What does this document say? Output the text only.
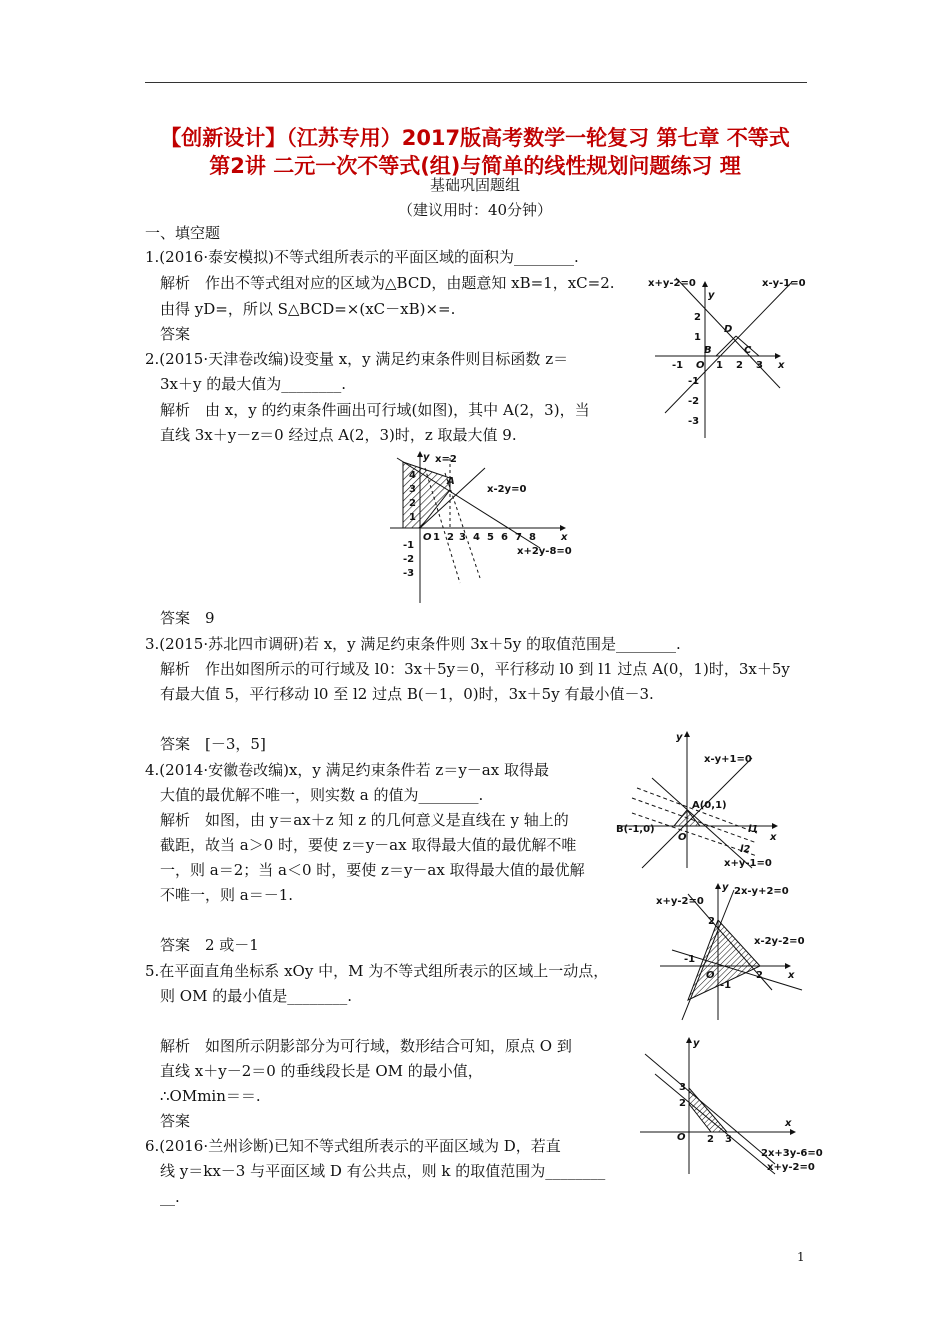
【创新设计】（江苏专用）2017版高考数学一轮复习 第七章 不等式
第2讲 二元一次不等式(组)与简单的线性规划问题练习 理
基础巩固题组
（建议用时：40分钟）
一、填空题
1.(2016·泰安模拟)不等式组所表示的平面区域的面积为________.
解析　作出不等式组对应的区域为△BCD，由题意知 xB=1，xC=2.
由得 yD=，所以 S△BCD=×(xC－xB)×=.
答案
2.(2015·天津卷改编)设变量 x，y 满足约束条件则目标函数 z＝
3x＋y 的最大值为________.
解析　由 x，y 的约束条件画出可行域(如图)，其中 A(2，3)，当
直线 3x＋y－z＝0 经过点 A(2，3)时，z 取最大值 9.
答案　9
3.(2015·苏北四市调研)若 x，y 满足约束条件则 3x＋5y 的取值范围是________.
解析　作出如图所示的可行域及 l0：3x＋5y＝0，平行移动 l0 到 l1 过点 A(0，1)时，3x＋5y
有最大值 5，平行移动 l0 至 l2 过点 B(－1，0)时，3x＋5y 有最小值－3.
答案　[－3，5]
4.(2014·安徽卷改编)x，y 满足约束条件若 z＝y－ax 取得最
大值的最优解不唯一，则实数 a 的值为________.
解析　如图，由 y＝ax＋z 知 z 的几何意义是直线在 y 轴上的
截距，故当 a＞0 时，要使 z＝y－ax 取得最大值的最优解不唯
一，则 a＝2；当 a＜0 时，要使 z＝y－ax 取得最大值的最优解
不唯一，则 a＝－1.
答案　2 或－1
5.在平面直角坐标系 xOy 中，M 为不等式组所表示的区域上一动点，
则 OM 的最小值是________.
解析　如图所示阴影部分为可行域，数形结合可知，原点 O 到
直线 x＋y－2＝0 的垂线段长是 OM 的最小值，
∴OMmin＝＝.
答案
6.(2016·兰州诊断)已知不等式组所表示的平面区域为 D，若直
线 y＝kx－3 与平面区域 D 有公共点，则 k 的取值范围为________
__.
x+y-2=0	x-y-1=0
y
x
2
1
D
B	C
-1 O 1 2 3
-1
-2
-3
y x=2
A
x-2y=0
4
3
2
1
O 1 2 3 4 5 6 7 8	x
-1
-2
-3
x+2y-8=0
y
x-y+1=0
A(0,1)
B(-1,0)
O
l1
l2
x
x+y-1=0
x+y-2=0
y 2x-y+2=0
2
x-2y-2=0
-1
O	2	x
-1
y
3
2
O 2 3
x
2x+3y-6=0
x+y-2=0
1
